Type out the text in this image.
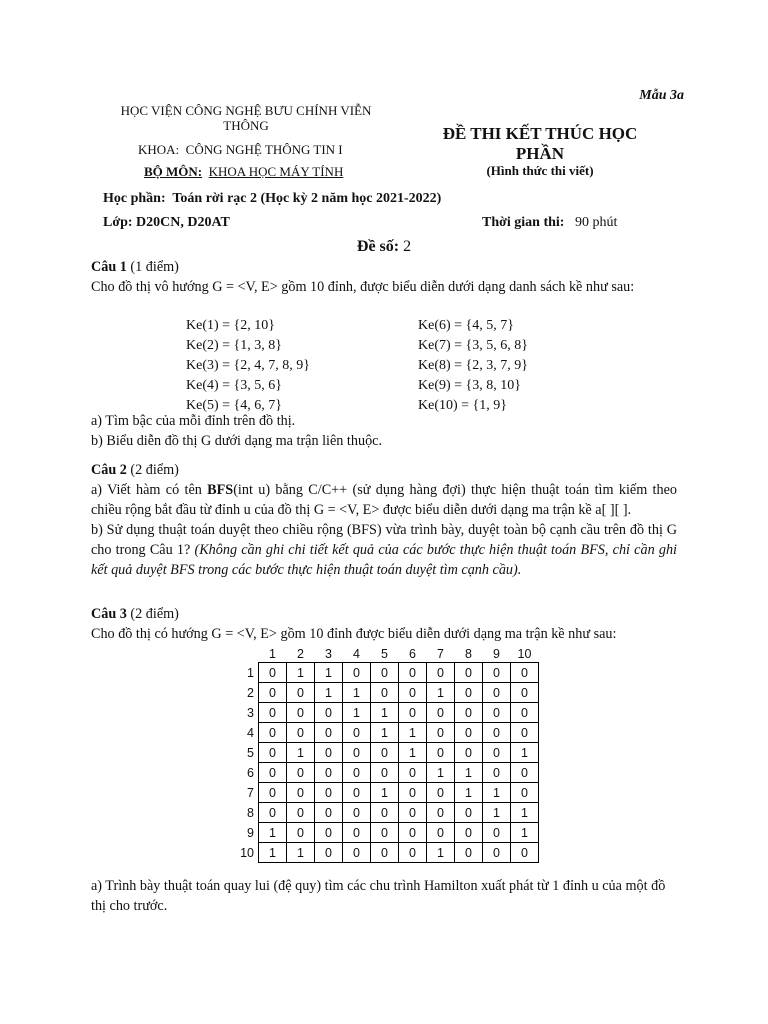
Mẫu 3a
HỌC VIỆN CÔNG NGHỆ BƯU CHÍNH VIỄN THÔNG
KHOA: CÔNG NGHỆ THÔNG TIN I
BỘ MÔN: KHOA HỌC MÁY TÍNH
ĐỀ THI KẾT THÚC HỌC
PHẦN
(Hình thức thi viết)
Học phần: Toán rời rạc 2 (Học kỳ 2 năm học 2021-2022)
Lớp: D20CN, D20AT	Thời gian thi: 90 phút
Đề số: 2
Câu 1 (1 điểm)
Cho đồ thị vô hướng G = <V, E> gồm 10 đỉnh, được biểu diễn dưới dạng danh sách kề như sau:
Ke(1) = {2, 10}
Ke(2) = {1, 3, 8}
Ke(3) = {2, 4, 7, 8, 9}
Ke(4) = {3, 5, 6}
Ke(5) = {4, 6, 7}
Ke(6) = {4, 5, 7}
Ke(7) = {3, 5, 6, 8}
Ke(8) = {2, 3, 7, 9}
Ke(9) = {3, 8, 10}
Ke(10) = {1, 9}
a) Tìm bậc của mỗi đỉnh trên đồ thị.
b) Biểu diễn đồ thị G dưới dạng ma trận liên thuộc.
Câu 2 (2 điểm)
a) Viết hàm có tên BFS(int u) bằng C/C++ (sử dụng hàng đợi) thực hiện thuật toán tìm kiếm theo chiều rộng bắt đầu từ đỉnh u của đồ thị G = <V, E> được biểu diễn dưới dạng ma trận kề a[ ][ ].
b) Sử dụng thuật toán duyệt theo chiều rộng (BFS) vừa trình bày, duyệt toàn bộ cạnh cầu trên đồ thị G cho trong Câu 1? (Không cần ghi chi tiết kết quả của các bước thực hiện thuật toán BFS, chỉ cần ghi kết quả duyệt BFS trong các bước thực hiện thuật toán duyệt tìm cạnh cầu).
Câu 3 (2 điểm)
Cho đồ thị có hướng G = <V, E> gồm 10 đỉnh được biểu diễn dưới dạng ma trận kề như sau:
	1	2	3	4	5	6	7	8	9	10
1	0	1	1	0	0	0	0	0	0	0
2	0	0	1	1	0	0	1	0	0	0
3	0	0	0	1	1	0	0	0	0	0
4	0	0	0	0	1	1	0	0	0	0
5	0	1	0	0	0	1	0	0	0	1
6	0	0	0	0	0	0	1	1	0	0
7	0	0	0	0	1	0	0	1	1	0
8	0	0	0	0	0	0	0	0	1	1
9	1	0	0	0	0	0	0	0	0	1
10	1	1	0	0	0	0	1	0	0	0
a) Trình bày thuật toán quay lui (đệ quy) tìm các chu trình Hamilton xuất phát từ 1 đỉnh u của một đồ thị cho trước.
